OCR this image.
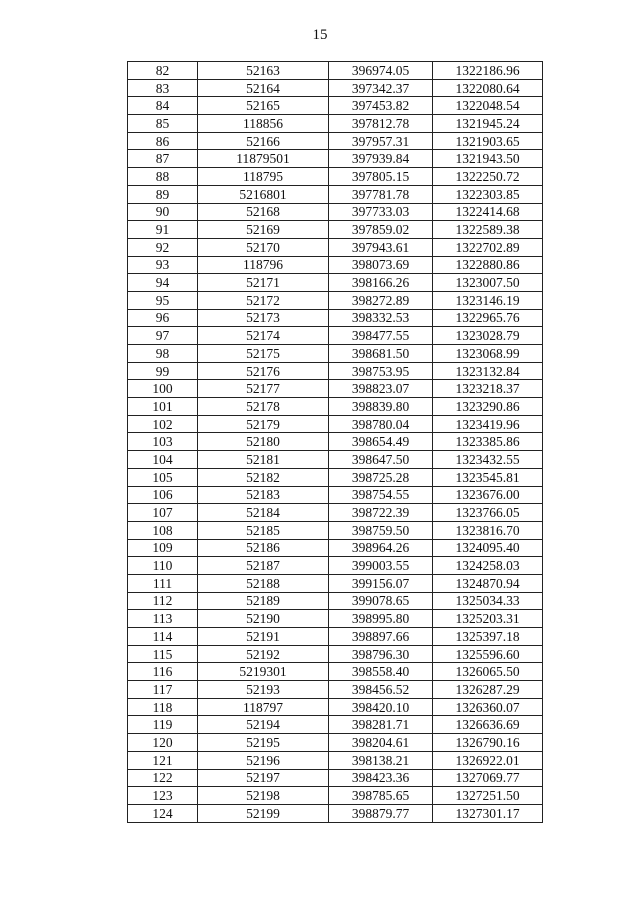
15
82	52163	396974.05	1322186.96
83	52164	397342.37	1322080.64
84	52165	397453.82	1322048.54
85	118856	397812.78	1321945.24
86	52166	397957.31	1321903.65
87	11879501	397939.84	1321943.50
88	118795	397805.15	1322250.72
89	5216801	397781.78	1322303.85
90	52168	397733.03	1322414.68
91	52169	397859.02	1322589.38
92	52170	397943.61	1322702.89
93	118796	398073.69	1322880.86
94	52171	398166.26	1323007.50
95	52172	398272.89	1323146.19
96	52173	398332.53	1322965.76
97	52174	398477.55	1323028.79
98	52175	398681.50	1323068.99
99	52176	398753.95	1323132.84
100	52177	398823.07	1323218.37
101	52178	398839.80	1323290.86
102	52179	398780.04	1323419.96
103	52180	398654.49	1323385.86
104	52181	398647.50	1323432.55
105	52182	398725.28	1323545.81
106	52183	398754.55	1323676.00
107	52184	398722.39	1323766.05
108	52185	398759.50	1323816.70
109	52186	398964.26	1324095.40
110	52187	399003.55	1324258.03
111	52188	399156.07	1324870.94
112	52189	399078.65	1325034.33
113	52190	398995.80	1325203.31
114	52191	398897.66	1325397.18
115	52192	398796.30	1325596.60
116	5219301	398558.40	1326065.50
117	52193	398456.52	1326287.29
118	118797	398420.10	1326360.07
119	52194	398281.71	1326636.69
120	52195	398204.61	1326790.16
121	52196	398138.21	1326922.01
122	52197	398423.36	1327069.77
123	52198	398785.65	1327251.50
124	52199	398879.77	1327301.17
